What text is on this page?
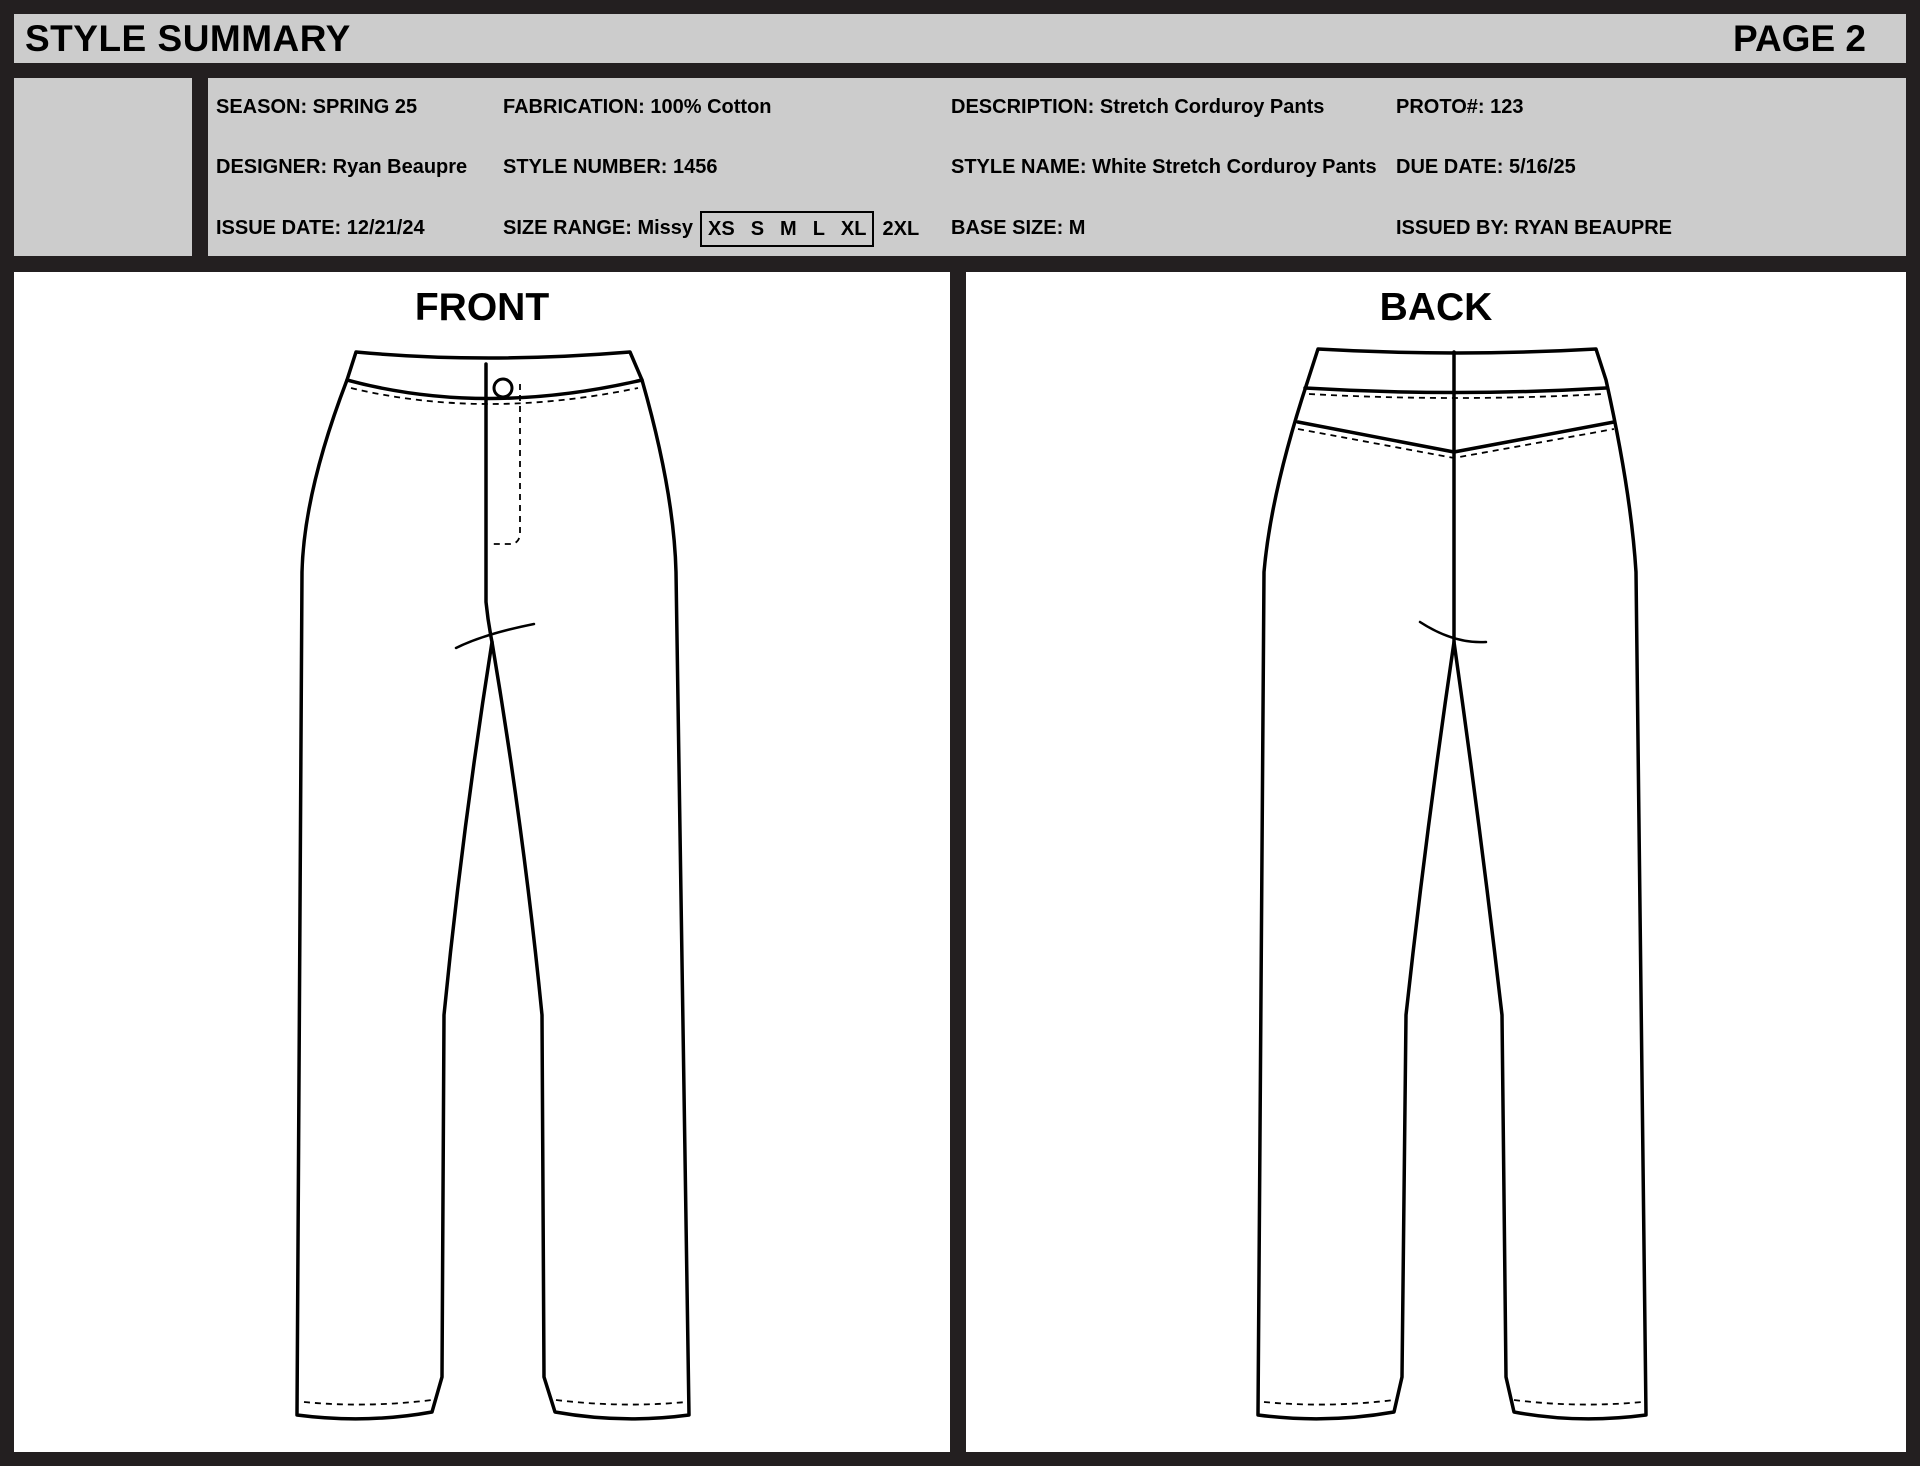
STYLE SUMMARY	PAGE 2
SEASON: SPRING 25
DESIGNER: Ryan Beaupre
ISSUE DATE: 12/21/24
FABRICATION: 100% Cotton
STYLE NUMBER: 1456
SIZE RANGE: Missy XS S M L XL 2XL
DESCRIPTION: Stretch Corduroy Pants
STYLE NAME: White Stretch Corduroy Pants
BASE SIZE: M
PROTO#: 123
DUE DATE: 5/16/25
ISSUED BY: RYAN BEAUPRE
FRONT	BACK
